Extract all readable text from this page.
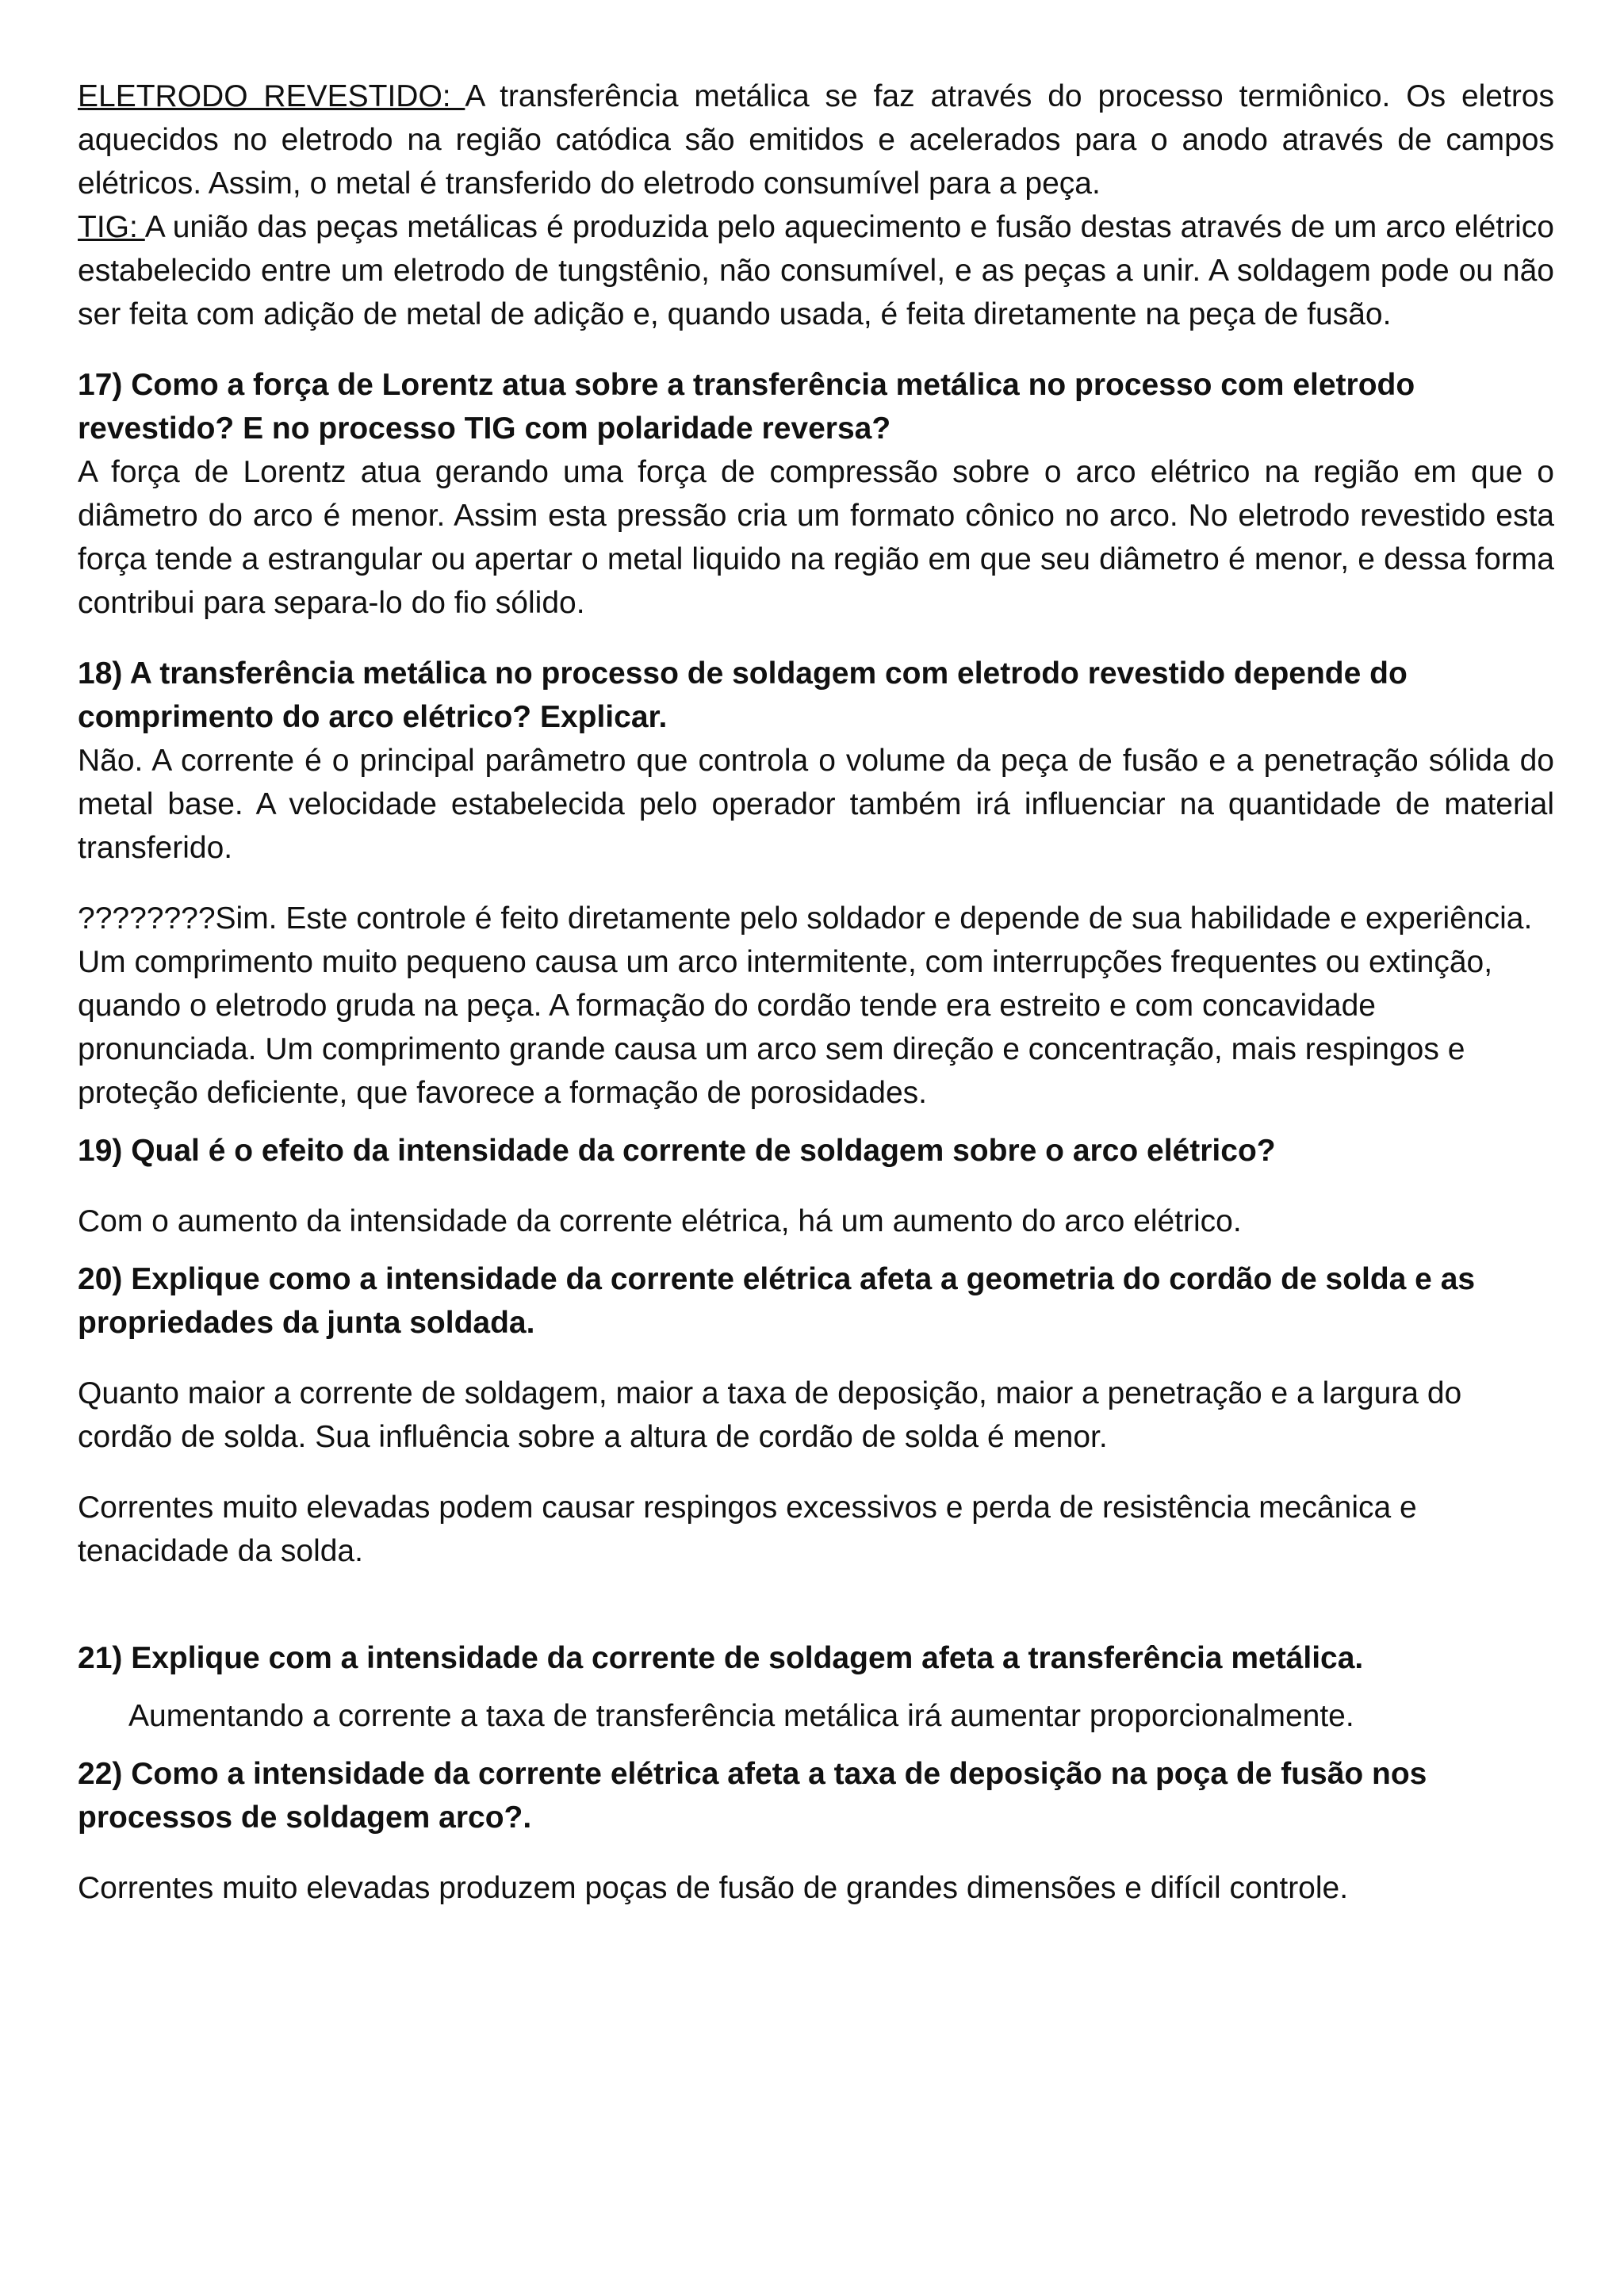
ELETRODO REVESTIDO: A transferência metálica se faz através do processo termiônico. Os eletros aquecidos no eletrodo na região catódica são emitidos e acelerados para o anodo através de campos elétricos. Assim, o metal é transferido do eletrodo consumível para a peça.

TIG: A união das peças metálicas é produzida pelo aquecimento e fusão destas através de um arco elétrico estabelecido entre um eletrodo de tungstênio, não consumível, e as peças a unir. A soldagem pode ou não ser feita com adição de metal de adição e, quando usada, é feita diretamente na peça de fusão.

17) Como a força de Lorentz atua sobre a transferência metálica no processo com eletrodo revestido? E no processo TIG com polaridade reversa?

A força de Lorentz atua gerando uma força de compressão sobre o arco elétrico na região em que o diâmetro do arco é menor. Assim esta pressão cria um formato cônico no arco. No eletrodo revestido esta força tende a estrangular ou apertar o metal liquido na região em que seu diâmetro é menor, e dessa forma contribui para separa-lo do fio sólido.

18) A transferência metálica no processo de soldagem com eletrodo revestido depende do comprimento do arco elétrico? Explicar.

Não. A corrente é o principal parâmetro que controla o volume da peça de fusão e a penetração sólida do metal base. A velocidade estabelecida pelo operador também irá influenciar na quantidade de material transferido.

????????Sim. Este controle é feito diretamente pelo soldador e depende de sua habilidade e experiência. Um comprimento muito pequeno causa um arco intermitente, com interrupções frequentes ou extinção, quando o eletrodo gruda na peça. A formação do cordão tende era estreito e com concavidade pronunciada. Um comprimento grande causa um arco sem direção e concentração, mais respingos e proteção deficiente, que favorece a formação de porosidades.

19) Qual é o efeito da intensidade da corrente de soldagem sobre o arco elétrico?

Com o aumento da intensidade da corrente elétrica, há um aumento do arco elétrico.

20) Explique como a intensidade da corrente elétrica afeta a geometria do cordão de solda e as propriedades da junta soldada.

Quanto maior a corrente de soldagem, maior a taxa de deposição, maior a penetração e a largura do cordão de solda. Sua influência sobre a altura de cordão de solda é menor.

Correntes muito elevadas podem causar respingos excessivos e perda de resistência mecânica e tenacidade da solda.

21) Explique com a intensidade da corrente de soldagem afeta a transferência metálica.

Aumentando a corrente a taxa de transferência metálica irá aumentar proporcionalmente.

22) Como a intensidade da corrente elétrica afeta a taxa de deposição na poça de fusão nos processos de soldagem arco?.

Correntes muito elevadas produzem poças de fusão de grandes dimensões e difícil controle.
